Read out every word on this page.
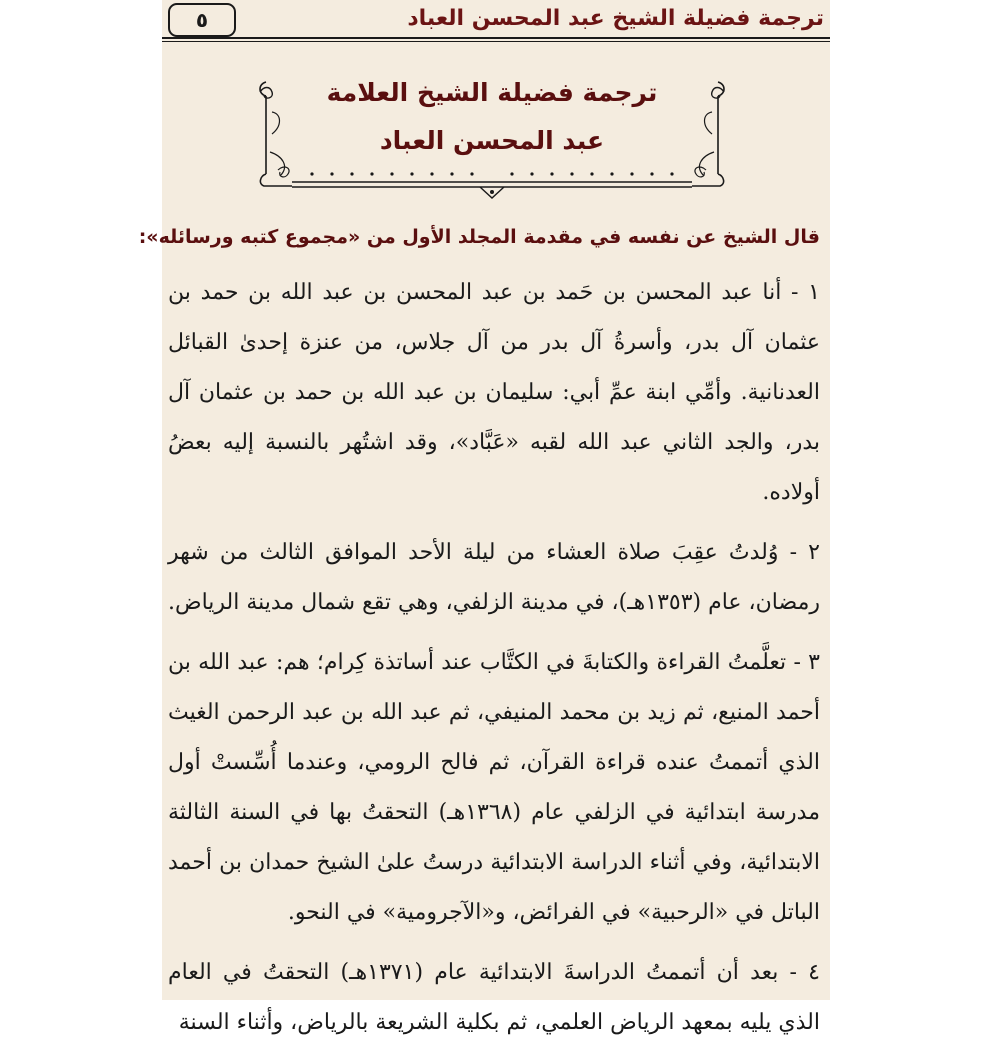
٥	ترجمة فضيلة الشيخ عبد المحسن العباد
ترجمة فضيلة الشيخ العلامة
عبد المحسن العباد
قال الشيخ عن نفسه في مقدمة المجلد الأول من «مجموع كتبه ورسائله»:

١ - أنا عبد المحسن بن حَمد بن عبد المحسن بن عبد الله بن حمد بن عثمان آل بدر، وأسرةُ آل بدر من آل جلاس، من عنزة إحدىٰ القبائل العدنانية. وأمِّي ابنة عمِّ أبي: سليمان بن عبد الله بن حمد بن عثمان آل بدر، والجد الثاني عبد الله لقبه «عَبَّاد»، وقد اشتُهر بالنسبة إليه بعضُ أولاده.

٢ - وُلدتُ عقِبَ صلاة العشاء من ليلة الأحد الموافق الثالث من شهر رمضان، عام (١٣٥٣هـ)، في مدينة الزلفي، وهي تقع شمال مدينة الرياض.

٣ - تعلَّمتُ القراءة والكتابةَ في الكتَّاب عند أساتذة كِرام؛ هم: عبد الله بن أحمد المنيع، ثم زيد بن محمد المنيفي، ثم عبد الله بن عبد الرحمن الغيث الذي أتممتُ عنده قراءة القرآن، ثم فالح الرومي، وعندما أُسِّستْ أول مدرسة ابتدائية في الزلفي عام (١٣٦٨هـ) التحقتُ بها في السنة الثالثة الابتدائية، وفي أثناء الدراسة الابتدائية درستُ علىٰ الشيخ حمدان بن أحمد الباتل في «الرحبية» في الفرائض، و«الآجرومية» في النحو.

٤ - بعد أن أتممتُ الدراسةَ الابتدائية عام (١٣٧١هـ) التحقتُ في العام الذي يليه بمعهد الرياض العلمي، ثم بكلية الشريعة بالرياض، وأثناء السنة
